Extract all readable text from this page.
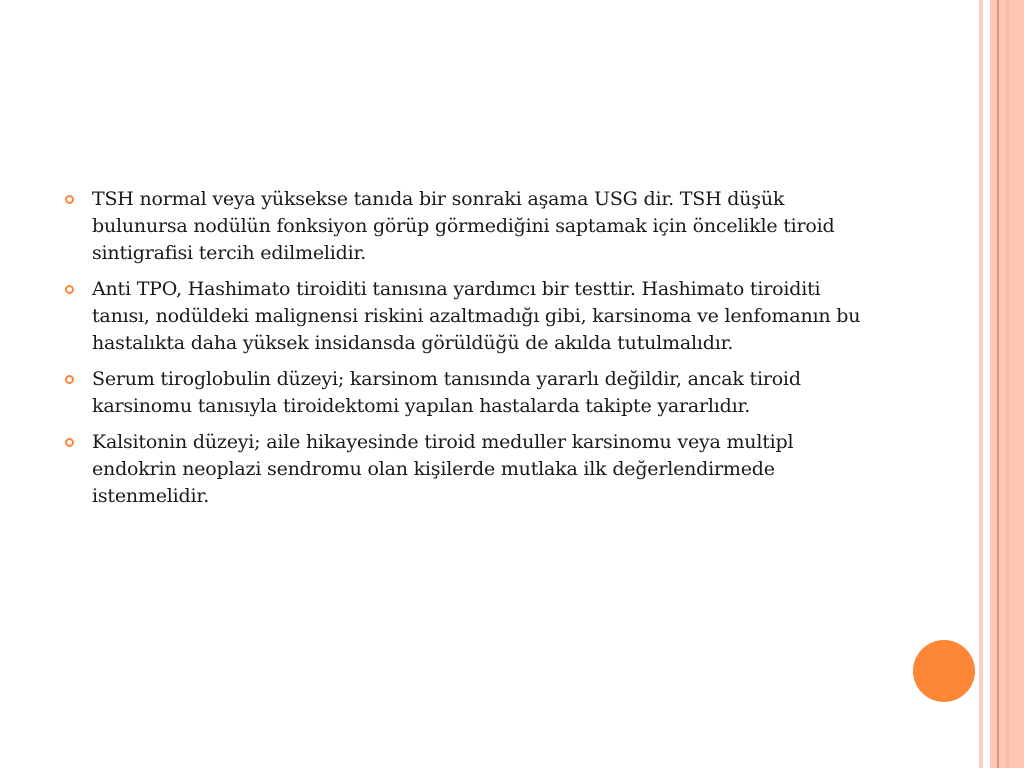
TSH normal veya yüksekse tanıda bir sonraki aşama USG dir. TSH düşük bulunursa nodülün fonksiyon görüp görmediğini saptamak için öncelikle tiroid sintigrafisi tercih edilmelidir.
Anti TPO, Hashimato tiroiditi tanısına yardımcı bir testtir. Hashimato tiroiditi tanısı, nodüldeki malignensi riskini azaltmadığı gibi, karsinoma ve lenfomanın bu hastalıkta daha yüksek insidansda görüldüğü de akılda tutulmalıdır.
Serum tiroglobulin düzeyi; karsinom tanısında yararlı değildir, ancak tiroid karsinomu tanısıyla tiroidektomi yapılan hastalarda takipte yararlıdır.
Kalsitonin düzeyi; aile hikayesinde tiroid meduller karsinomu veya multipl endokrin neoplazi sendromu olan kişilerde mutlaka ilk değerlendirmede istenmelidir.
